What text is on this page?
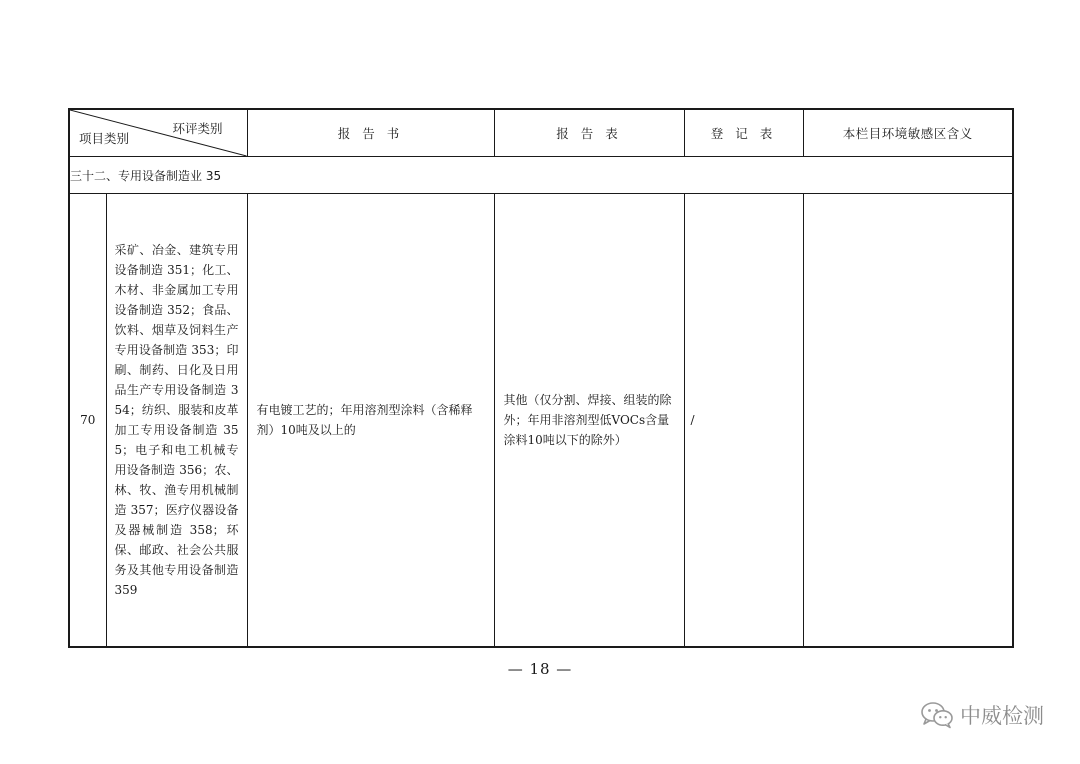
环评类别
项目类别		报 告 书	报 告 表	登 记 表	本栏目环境敏感区含义
三十二、专用设备制造业 35					
70	采矿、冶金、建筑专用设备制造 351；化工、木材、非金属加工专用设备制造 352；食品、饮料、烟草及饲料生产专用设备制造 353；印刷、制药、日化及日用品生产专用设备制造 354；纺织、服装和皮革加工专用设备制造 355；电子和电工机械专用设备制造 356；农、林、牧、渔专用机械制造 357；医疗仪器设备及器械制造 358；环保、邮政、社会公共服务及其他专用设备制造 359	有电镀工艺的；年用溶剂型涂料（含稀释剂）10吨及以上的	其他（仅分割、焊接、组装的除外；年用非溶剂型低VOCs含量涂料10吨以下的除外）	/	
— 18 —
中威检测
